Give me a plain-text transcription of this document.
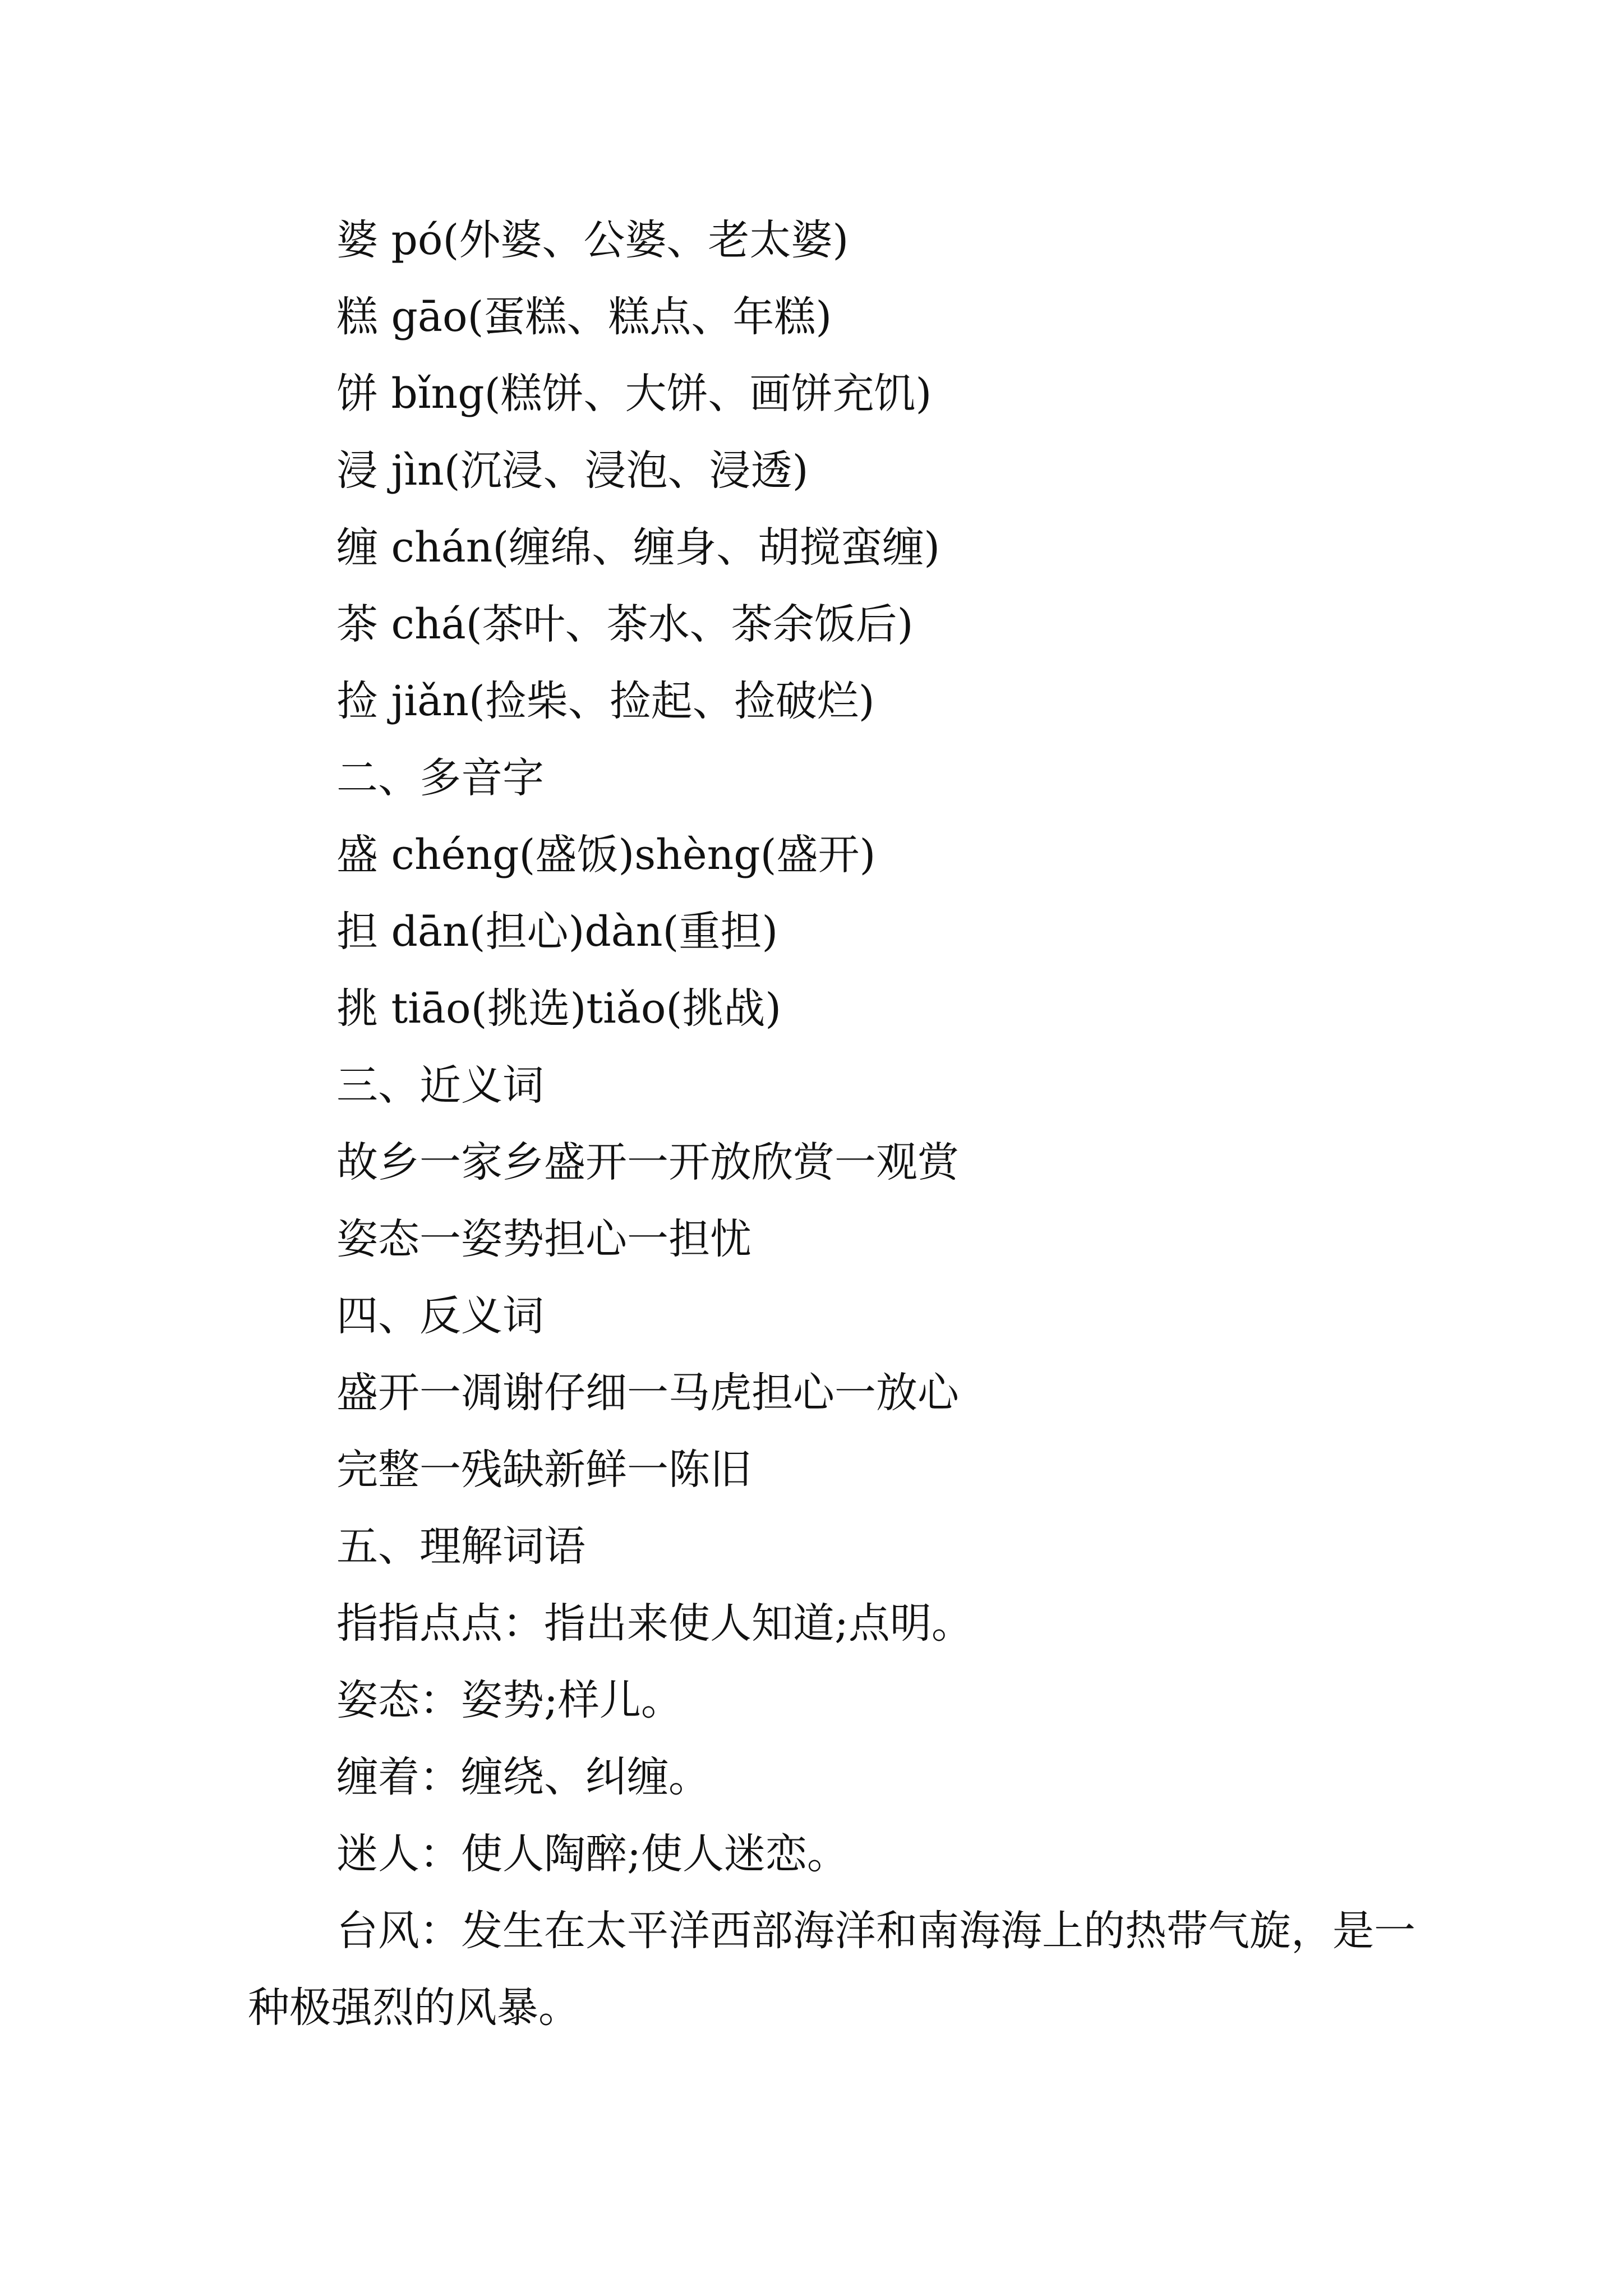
婆 pó(外婆、公婆、老太婆)
糕 gāo(蛋糕、糕点、年糕)
饼 bǐng(糕饼、大饼、画饼充饥)
浸 jìn(沉浸、浸泡、浸透)
缠 chán(缠绵、缠身、胡搅蛮缠)
茶 chá(茶叶、茶水、茶余饭后)
捡 jiǎn(捡柴、捡起、捡破烂)
二、多音字
盛 chéng(盛饭)shèng(盛开)
担 dān(担心)dàn(重担)
挑 tiāo(挑选)tiǎo(挑战)
三、近义词
故乡一家乡盛开一开放欣赏一观赏
姿态一姿势担心一担忧
四、反义词
盛开一凋谢仔细一马虎担心一放心
完整一残缺新鲜一陈旧
五、理解词语
指指点点：指出来使人知道;点明。
姿态：姿势;样儿。
缠着：缠绕、纠缠。
迷人：使人陶醉;使人迷恋。
台风：发生在太平洋西部海洋和南海海上的热带气旋，是一种极强烈的风暴。
